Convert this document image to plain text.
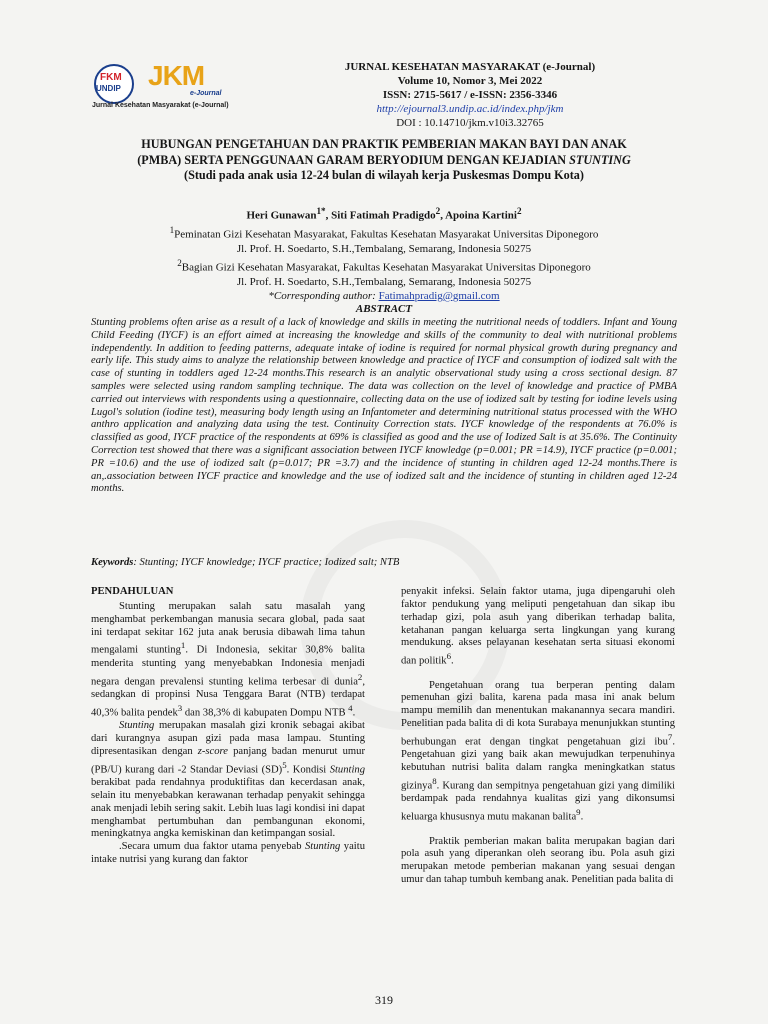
FKM
UNDIP JKM
e-Journal
Jurnal Kesehatan Masyarakat (e-Journal)
JURNAL KESEHATAN MASYARAKAT (e-Journal)
Volume 10, Nomor 3, Mei 2022
ISSN: 2715-5617 / e-ISSN: 2356-3346
http://ejournal3.undip.ac.id/index.php/jkm
DOI : 10.14710/jkm.v10i3.32765
HUBUNGAN PENGETAHUAN DAN PRAKTIK PEMBERIAN MAKAN BAYI DAN ANAK
(PMBA) SERTA PENGGUNAAN GARAM BERYODIUM DENGAN KEJADIAN STUNTING
(Studi pada anak usia 12-24 bulan di wilayah kerja Puskesmas Dompu Kota)
Heri Gunawan$^{1*}$, Siti Fatimah Pradigdo$^2$, Apoina Kartini$^2$
$^1$Peminatan Gizi Kesehatan Masyarakat, Fakultas Kesehatan Masyarakat Universitas Diponegoro
Jl. Prof. H. Soedarto, S.H.,Tembalang, Semarang, Indonesia 50275
$^2$Bagian Gizi Kesehatan Masyarakat, Fakultas Kesehatan Masyarakat Universitas Diponegoro
Jl. Prof. H. Soedarto, S.H.,Tembalang, Semarang, Indonesia 50275
*Corresponding author: Fatimahpradig@gmail.com
ABSTRACT
Stunting problems often arise as a result of a lack of knowledge and skills in meeting the nutritional needs of toddlers. Infant and Young Child Feeding (IYCF) is an effort aimed at increasing the knowledge and skills of the community to deal with nutritional problems independently. In addition to feeding patterns, adequate intake of iodine is required for normal physical growth during pregnancy and early life. This study aims to analyze the relationship between knowledge and practice of IYCF and consumption of iodized salt with the case of stunting in toddlers aged 12-24 months.This research is an analytic observational study using a cross sectional design. 87 samples were selected using random sampling technique. The data was collection on the level of knowledge and practice of PMBA carried out interviews with respondents using a questionnaire, collecting data on the use of iodized salt by testing for iodine levels using Lugol's solution (iodine test), measuring body length using an Infantometer and determining nutritional status processed with the WHO anthro application and analyzing data using the test. Continuity Correction stats. IYCF knowledge of the respondents at 76.0% is classified as good, IYCF practice of the respondents at 69% is classified as good and the use of Iodized Salt is at 35.6%. The Continuity Correction test showed that there was a significant association between IYCF knowledge (p=0.001; PR =14.9), IYCF practice (p=0.001; PR =10.6) and the use of iodized salt (p=0.017; PR =3.7) and the incidence of stunting in children aged 12-24 months.There is an,.association between IYCF practice and knowledge and the use of iodized salt and the incidence of stunting in children aged 12-24 months.
Keywords: Stunting; IYCF knowledge; IYCF practice; Iodized salt; NTB
PENDAHULUAN

Stunting merupakan salah satu masalah yang menghambat perkembangan manusia secara global, pada saat ini terdapat sekitar 162 juta anak berusia dibawah lima tahun mengalami stunting$^1$. Di Indonesia, sekitar 30,8% balita menderita stunting yang menyebabkan Indonesia menjadi negara dengan prevalensi stunting kelima terbesar di dunia$^2$, sedangkan di propinsi Nusa Tenggara Barat (NTB) terdapat 40,3% balita pendek$^3$ dan 38,3% di kabupaten Dompu NTB $^4$.

Stunting merupakan masalah gizi kronik sebagai akibat dari kurangnya asupan gizi pada masa lampau. Stunting dipresentasikan dengan z-score panjang badan menurut umur (PB/U) kurang dari -2 Standar Deviasi (SD)$^5$. Kondisi Stunting berakibat pada rendahnya produktifitas dan kecerdasan anak, selain itu menyebabkan kerawanan terhadap penyakit sehingga anak menjadi lebih sering sakit. Lebih luas lagi kondisi ini dapat menghambat pertumbuhan dan pembangunan ekonomi, meningkatnya angka kemiskinan dan ketimpangan sosial.

.Secara umum dua faktor utama penyebab Stunting yaitu intake nutrisi yang kurang dan faktor

penyakit infeksi. Selain faktor utama, juga dipengaruhi oleh faktor pendukung yang meliputi pengetahuan dan sikap ibu terhadap gizi, pola asuh yang diberikan terhadap balita, ketahanan pangan keluarga serta lingkungan yang kurang mendukung. akses pelayanan kesehatan serta situasi ekonomi dan politik$^6$.

Pengetahuan orang tua berperan penting dalam pemenuhan gizi balita, karena pada masa ini anak belum mampu memilih dan menentukan makanannya secara mandiri. Penelitian pada balita di di kota Surabaya menunjukkan stunting berhubungan erat dengan tingkat pengetahuan gizi ibu$^7$. Pengetahuan gizi yang baik akan mewujudkan terpenuhinya kebutuhan nutrisi balita dalam rangka meningkatkan status gizinya$^8$. Kurang dan sempitnya pengetahuan gizi yang dimiliki berdampak pada rendahnya kualitas gizi yang dikonsumsi keluarga khususnya mutu makanan balita$^9$.

Praktik pemberian makan balita merupakan bagian dari pola asuh yang diperankan oleh seorang ibu. Pola asuh gizi merupakan metode pemberian makanan yang sesuai dengan umur dan tahap tumbuh kembang anak. Penelitian pada balita di

319
